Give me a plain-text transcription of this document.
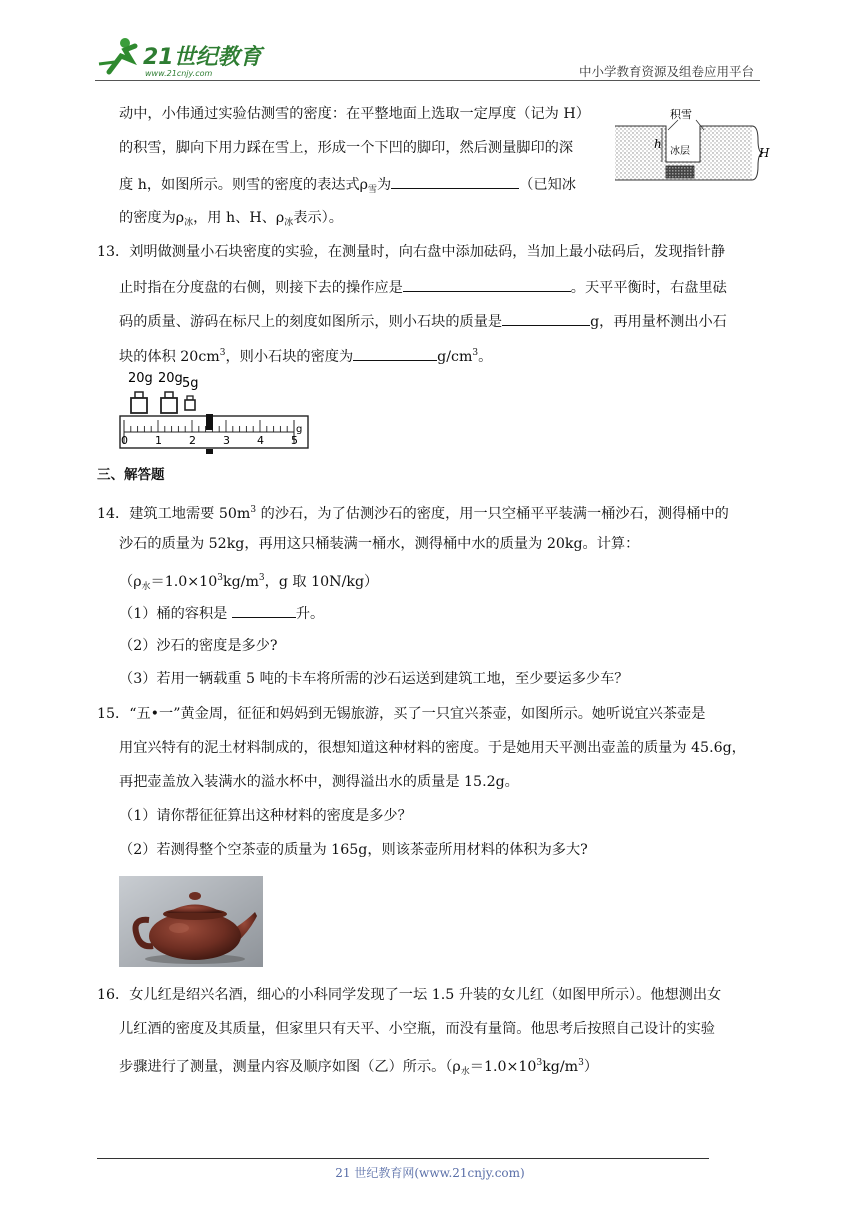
21世纪教育
www.21cnjy.com	中小学教育资源及组卷应用平台
动中，小伟通过实验估测雪的密度：在平整地面上选取一定厚度（记为 H）
的积雪，脚向下用力踩在雪上，形成一个下凹的脚印，然后测量脚印的深
度 h，如图所示。则雪的密度的表达式$\rho_雪$为	（已知冰
的密度为$\rho_冰$，用 h、H、$\rho_冰$表示）。
积雪
冰层
h
H
13．刘明做测量小石块密度的实验，在测量时，向右盘中添加砝码，当加上最小砝码后，发现指针静
止时指在分度盘的右侧，则接下去的操作应是	。天平平衡时，右盘里砝
码的质量、游码在标尺上的刻度如图所示，则小石块的质量是	g，再用量杯测出小石
块的体积 $20cm^3$，则小石块的密度为	$g/cm^3$。
20g 20g 5g
0 1 2 3 4 5
g
三、解答题
14．建筑工地需要 $50m^3$ 的沙石，为了估测沙石的密度，用一只空桶平平装满一桶沙石，测得桶中的
沙石的质量为 52kg，再用这只桶装满一桶水，测得桶中水的质量为 20kg。计算：
（$\rho_水=1.0\times 10^3kg/m^3$，g 取 10N/kg）
（1）桶的容积是	升。
（2）沙石的密度是多少?
（3）若用一辆载重 5 吨的卡车将所需的沙石运送到建筑工地，至少要运多少车？
15．“五•一”黄金周，征征和妈妈到无锡旅游，买了一只宜兴茶壶，如图所示。她听说宜兴茶壶是
用宜兴特有的泥土材料制成的，很想知道这种材料的密度。于是她用天平测出壶盖的质量为 45.6g，
再把壶盖放入装满水的溢水杯中，测得溢出水的质量是 15.2g。
（1）请你帮征征算出这种材料的密度是多少？
（2）若测得整个空茶壶的质量为 165g，则该茶壶所用材料的体积为多大?
16．女儿红是绍兴名酒，细心的小科同学发现了一坛 1.5 升装的女儿红（如图甲所示）。他想测出女
儿红酒的密度及其质量，但家里只有天平、小空瓶，而没有量筒。他思考后按照自己设计的实验
步骤进行了测量，测量内容及顺序如图（乙）所示。$(\rho_水=1.0\times 10^3kg/m^3)$
21 世纪教育网(www.21cnjy.com)
